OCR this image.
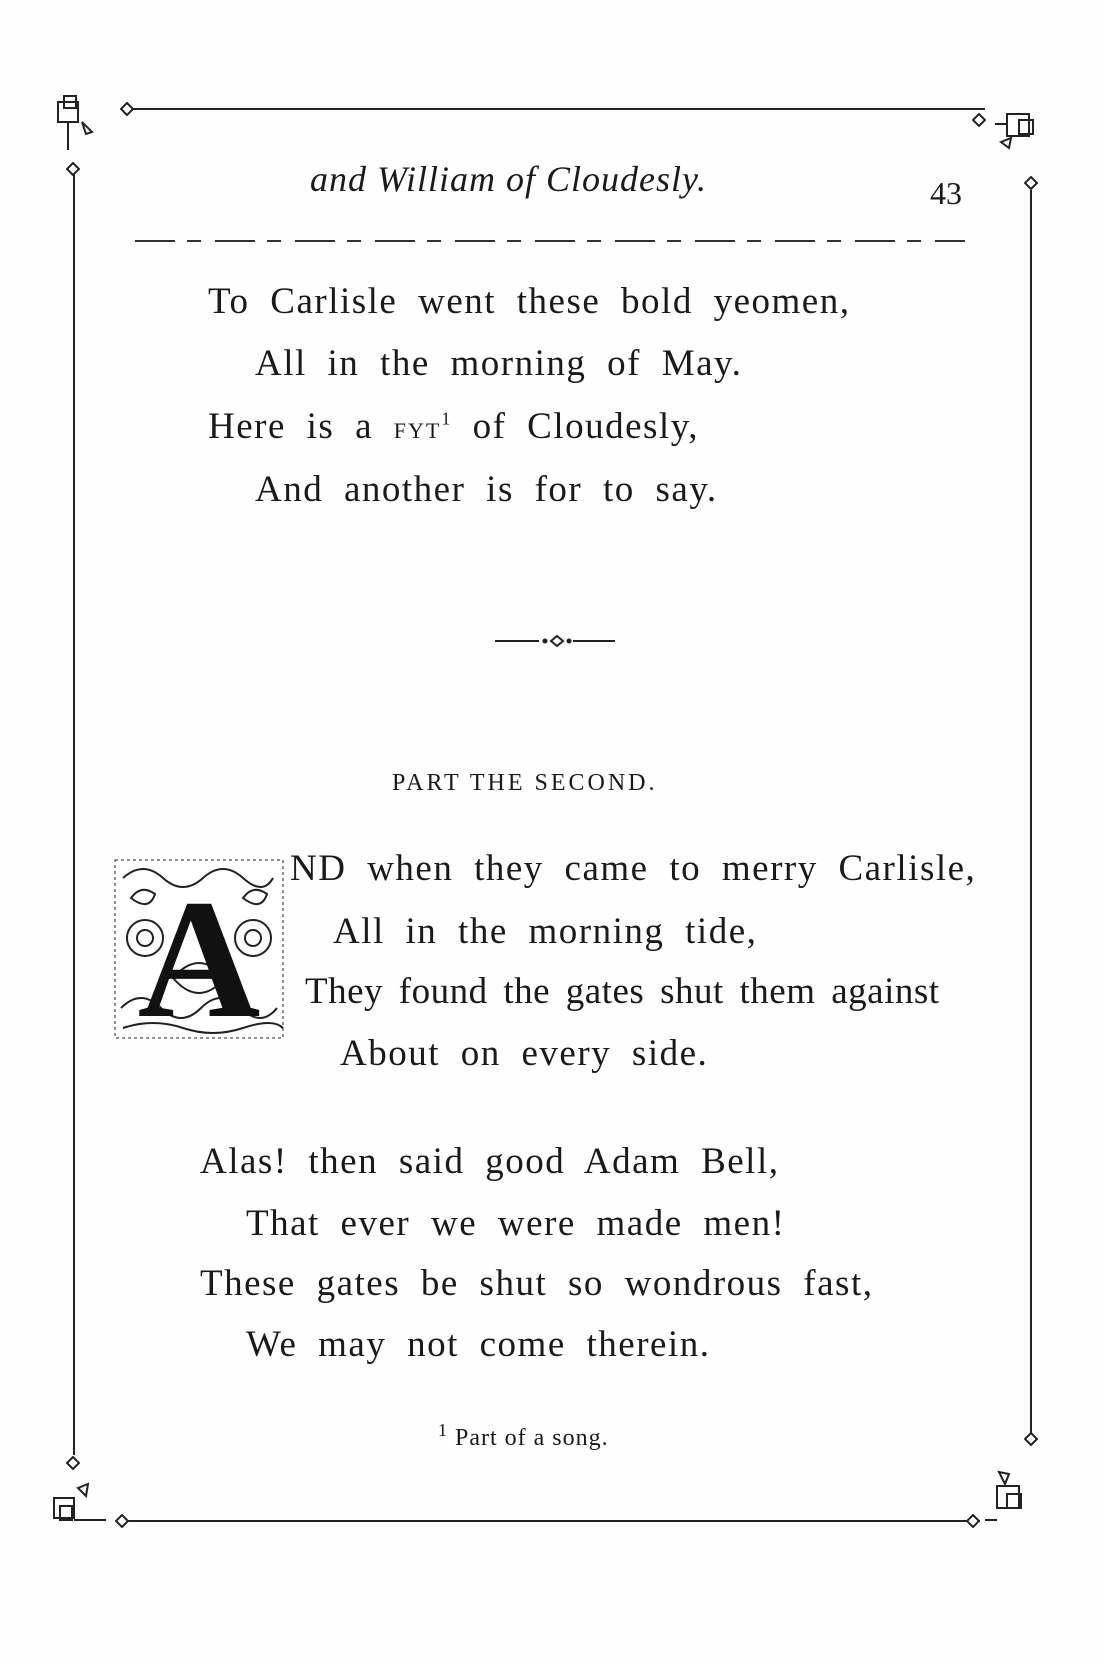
and William of Cloudesly.	43
To Carlisle went these bold yeomen,
All in the morning of May.
Here is a FYT$^1$ of Cloudesly,
And another is for to say.
PART THE SECOND.
A ND when they came to merry Carlisle,
All in the morning tide,
They found the gates shut them against
About on every side.
Alas! then said good Adam Bell,
That ever we were made men!
These gates be shut so wondrous fast,
We may not come therein.
$^1$ Part of a song.
